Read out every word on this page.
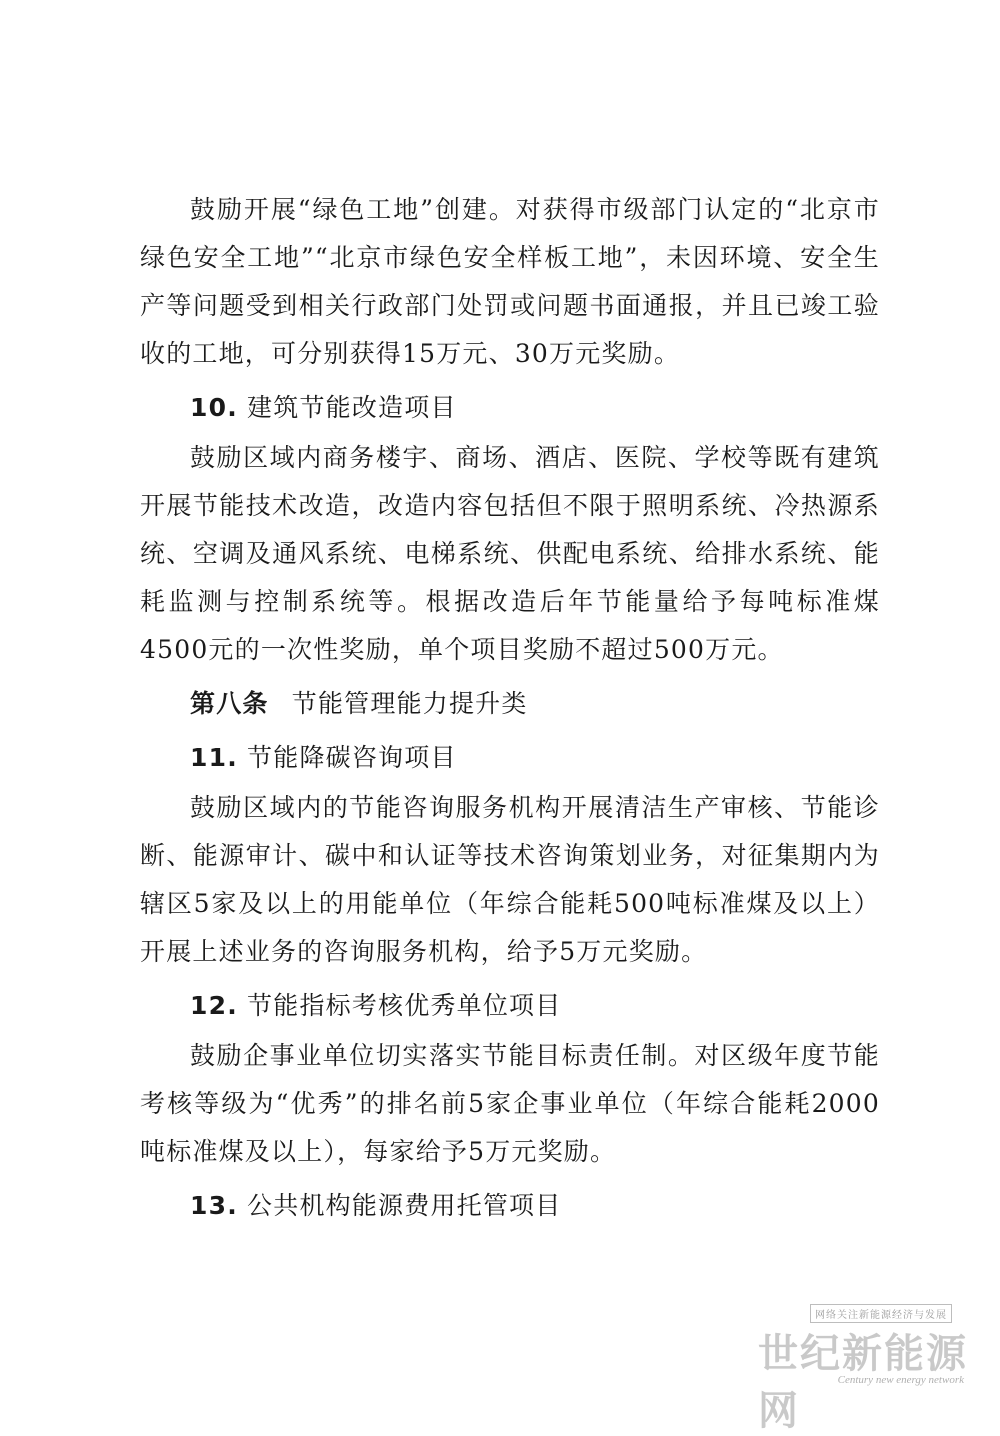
鼓励开展“绿色工地”创建。对获得市级部门认定的“北京市绿色安全工地”“北京市绿色安全样板工地”，未因环境、安全生产等问题受到相关行政部门处罚或问题书面通报，并且已竣工验收的工地，可分别获得15万元、30万元奖励。

10. 建筑节能改造项目

鼓励区域内商务楼宇、商场、酒店、医院、学校等既有建筑开展节能技术改造，改造内容包括但不限于照明系统、冷热源系统、空调及通风系统、电梯系统、供配电系统、给排水系统、能耗监测与控制系统等。根据改造后年节能量给予每吨标准煤4500元的一次性奖励，单个项目奖励不超过500万元。

第八条 节能管理能力提升类
11. 节能降碳咨询项目

鼓励区域内的节能咨询服务机构开展清洁生产审核、节能诊断、能源审计、碳中和认证等技术咨询策划业务，对征集期内为辖区5家及以上的用能单位（年综合能耗500吨标准煤及以上）开展上述业务的咨询服务机构，给予5万元奖励。

12. 节能指标考核优秀单位项目

鼓励企事业单位切实落实节能目标责任制。对区级年度节能考核等级为“优秀”的排名前5家企事业单位（年综合能耗2000吨标准煤及以上），每家给予5万元奖励。

13. 公共机构能源费用托管项目
网络关注新能源经济与发展
世纪新能源网
Century new energy network
